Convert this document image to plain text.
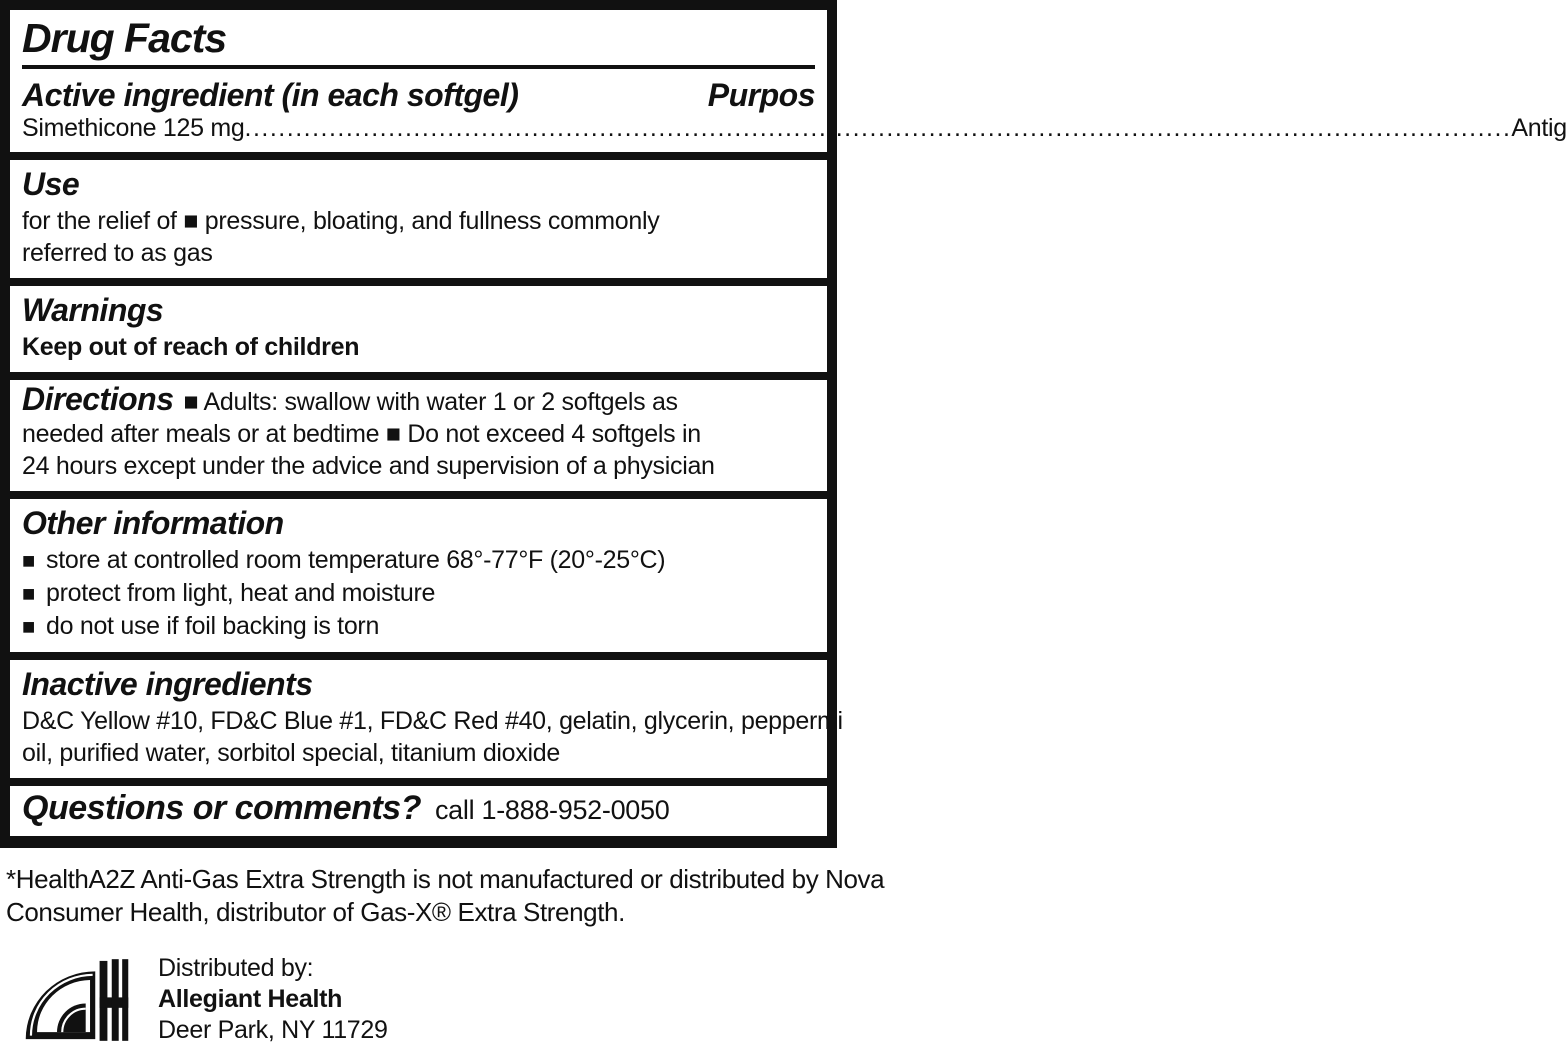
Drug Facts
Active ingredient (in each softgel)	Purpos
Simethicone 125 mg ...................................................................................................................................................... Antig
Use
for the relief of ■ pressure, bloating, and fullness commonly
referred to as gas
Warnings
Keep out of reach of children
Directions ■ Adults: swallow with water 1 or 2 softgels as
needed after meals or at bedtime ■ Do not exceed 4 softgels in
24 hours except under the advice and supervision of a physician
Other information
■ store at controlled room temperature 68°-77°F (20°-25°C)
■ protect from light, heat and moisture
■ do not use if foil backing is torn
Inactive ingredients
D&C Yellow #10, FD&C Blue #1, FD&C Red #40, gelatin, glycerin, peppermi
oil, purified water, sorbitol special, titanium dioxide
Questions or comments? call 1-888-952-0050
*HealthA2Z Anti-Gas Extra Strength is not manufactured or distributed by Nova
Consumer Health, distributor of Gas-X® Extra Strength.
Distributed by:
Allegiant Health
Deer Park, NY 11729
